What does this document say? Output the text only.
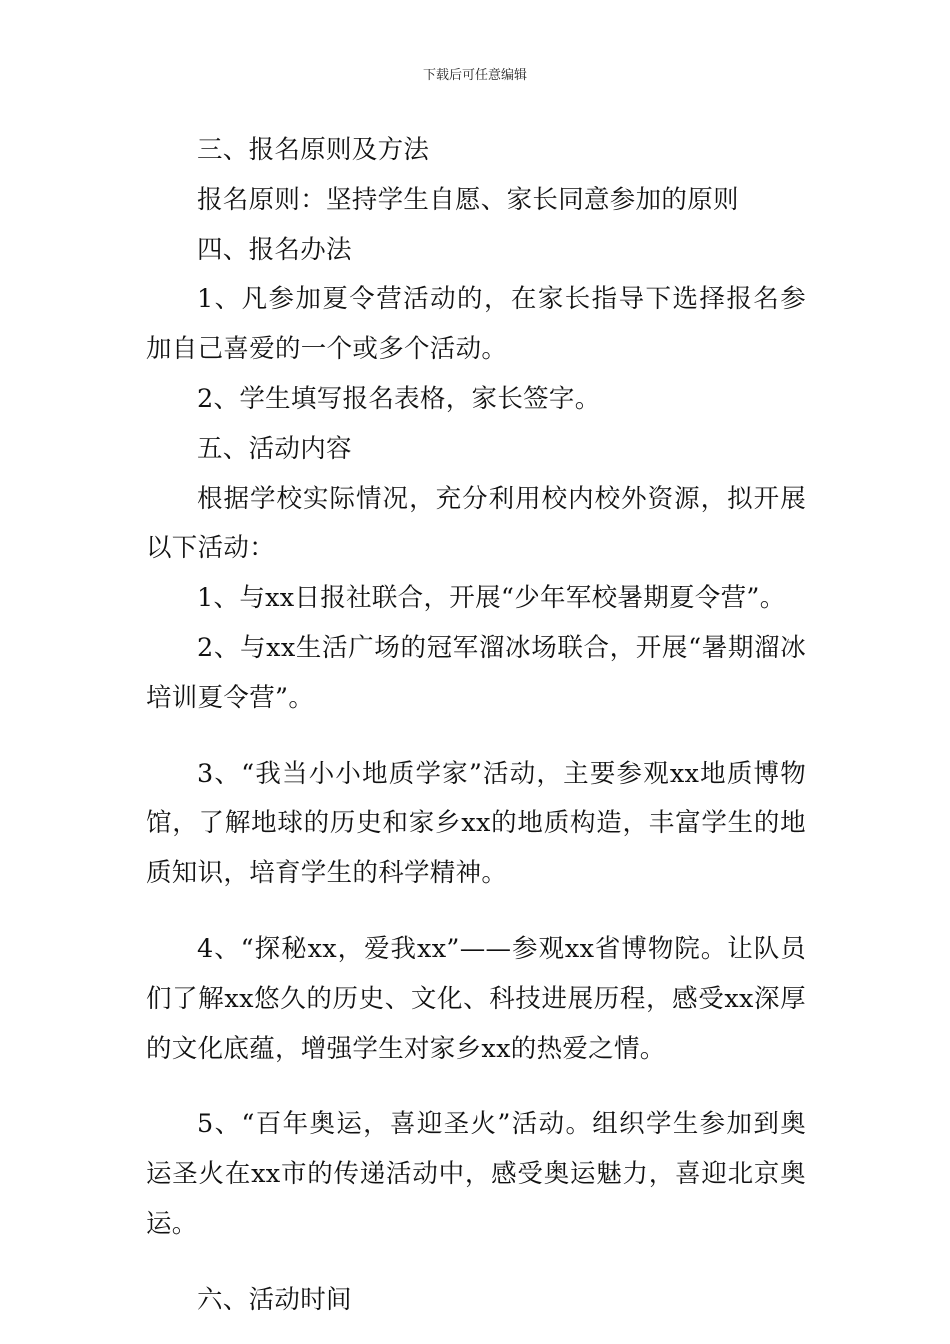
下载后可任意编辑

三、报名原则及方法

报名原则：坚持学生自愿、家长同意参加的原则

四、报名办法

1、凡参加夏令营活动的，在家长指导下选择报名参加自己喜爱的一个或多个活动。

2、学生填写报名表格，家长签字。

五、活动内容

根据学校实际情况，充分利用校内校外资源，拟开展以下活动：

1、与xx日报社联合，开展“少年军校暑期夏令营”。

2、与xx生活广场的冠军溜冰场联合，开展“暑期溜冰培训夏令营”。

3、“我当小小地质学家”活动，主要参观xx地质博物馆，了解地球的历史和家乡xx的地质构造，丰富学生的地质知识，培育学生的科学精神。

4、“探秘xx，爱我xx”——参观xx省博物院。让队员们了解xx悠久的历史、文化、科技进展历程，感受xx深厚的文化底蕴，增强学生对家乡xx的热爱之情。

5、“百年奥运，喜迎圣火”活动。组织学生参加到奥运圣火在xx市的传递活动中，感受奥运魅力，喜迎北京奥运。

六、活动时间
